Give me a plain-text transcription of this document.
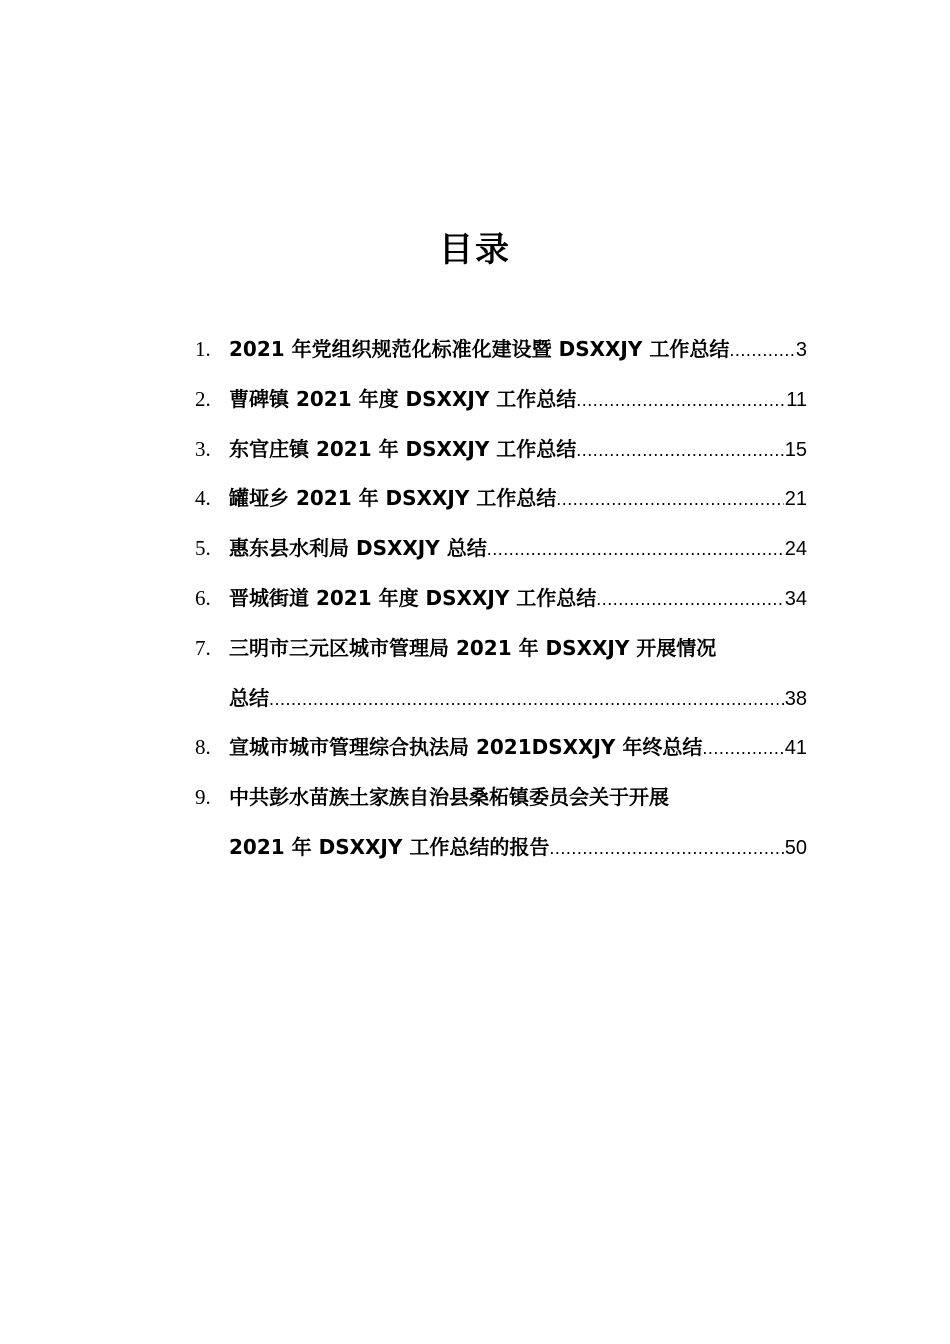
目录
1. 2021 年党组织规范化标准化建设暨 DSXXJY 工作总结 .....	3
2. 曹碑镇 2021 年度 DSXXJY 工作总结 .....	11
3. 东官庄镇 2021 年 DSXXJY 工作总结 .....	15
4. 罐垭乡 2021 年 DSXXJY 工作总结 .....	21
5. 惠东县水利局 DSXXJY 总结 .....	24
6. 晋城街道 2021 年度 DSXXJY 工作总结 .....	34
7. 三明市三元区城市管理局 2021 年 DSXXJY 开展情况
总结 .....	38
8. 宣城市城市管理综合执法局 2021DSXXJY 年终总结 .....	41
9. 中共彭水苗族土家族自治县桑柘镇委员会关于开展
2021 年 DSXXJY 工作总结的报告 .....	50
